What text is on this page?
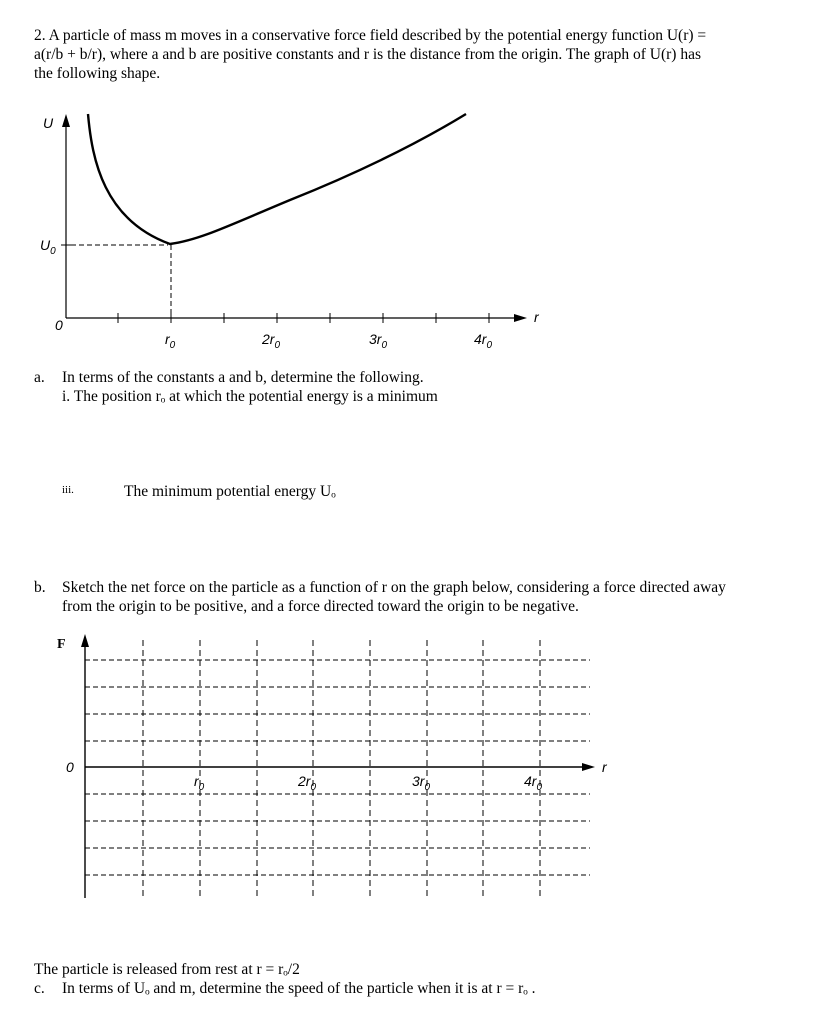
2. A particle of mass m moves in a conservative force field described by the potential energy function U(r) =
a(r/b + b/r), where a and b are positive constants and r is the distance from the origin. The graph of U(r) has
the following shape.
U
$U_0$
0	r
$r_0$	$2r_0$	$3r_0$	$4r_0$
a. In terms of the constants a and b, determine the following.
i. The position rₒ at which the potential energy is a minimum
iii.	The minimum potential energy Uₒ
b. Sketch the net force on the particle as a function of r on the graph below, considering a force directed away
from the origin to be positive, and a force directed toward the origin to be negative.
F
0	r
$r_0$	$2r_0$	$3r_0$	$4r_0$
The particle is released from rest at r = rₒ/2
c. In terms of Uₒ and m, determine the speed of the particle when it is at r = rₒ .
